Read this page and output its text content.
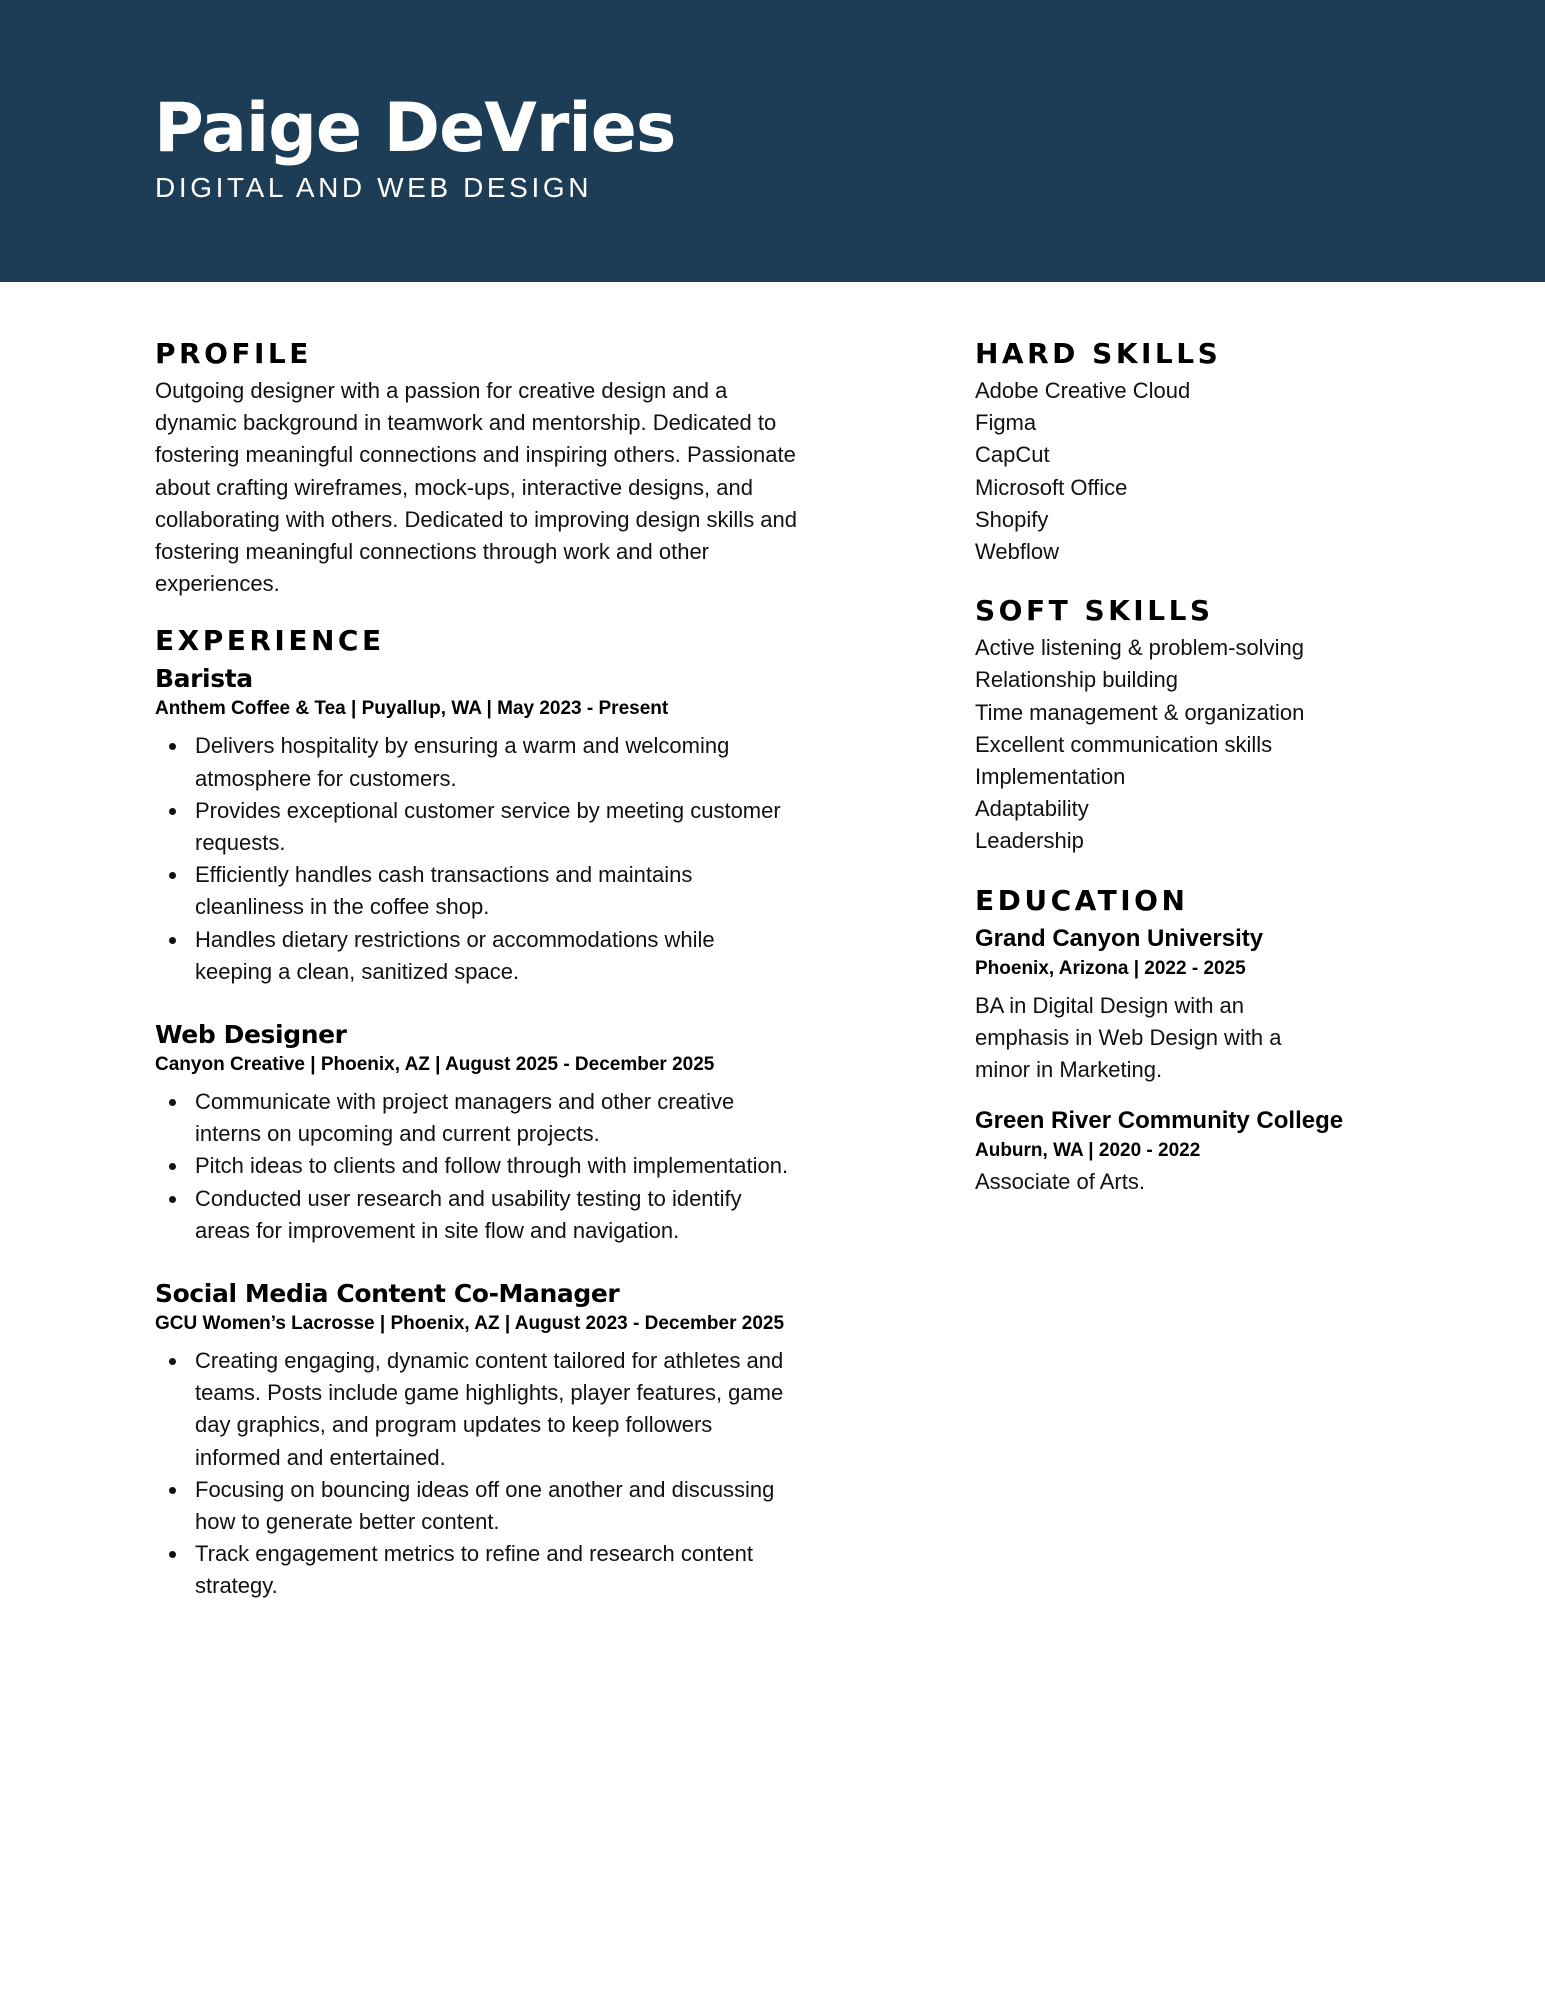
Paige DeVries

DIGITAL AND WEB DESIGN

PROFILE

Outgoing designer with a passion for creative design and a dynamic background in teamwork and mentorship. Dedicated to fostering meaningful connections and inspiring others. Passionate about crafting wireframes, mock-ups, interactive designs, and collaborating with others. Dedicated to improving design skills and fostering meaningful connections through work and other experiences.

EXPERIENCE
Barista

Anthem Coffee & Tea | Puyallup, WA | May 2023 - Present

Delivers hospitality by ensuring a warm and welcoming atmosphere for customers.
Provides exceptional customer service by meeting customer requests.
Efficiently handles cash transactions and maintains cleanliness in the coffee shop.
Handles dietary restrictions or accommodations while keeping a clean, sanitized space.
Web Designer

Canyon Creative | Phoenix, AZ | August 2025 - December 2025

Communicate with project managers and other creative interns on upcoming and current projects.
Pitch ideas to clients and follow through with implementation.
Conducted user research and usability testing to identify areas for improvement in site flow and navigation.
Social Media Content Co-Manager

GCU Women’s Lacrosse | Phoenix, AZ | August 2023 - December 2025

Creating engaging, dynamic content tailored for athletes and teams. Posts include game highlights, player features, game day graphics, and program updates to keep followers informed and entertained.
Focusing on bouncing ideas off one another and discussing how to generate better content.
Track engagement metrics to refine and research content strategy.
HARD SKILLS
Adobe Creative Cloud
Figma
CapCut
Microsoft Office
Shopify
Webflow
SOFT SKILLS
Active listening & problem-solving
Relationship building
Time management & organization
Excellent communication skills
Implementation
Adaptability
Leadership
EDUCATION

Grand Canyon University

Phoenix, Arizona | 2022 - 2025

BA in Digital Design with an emphasis in Web Design with a minor in Marketing.

Green River Community College

Auburn, WA | 2020 - 2022

Associate of Arts.
